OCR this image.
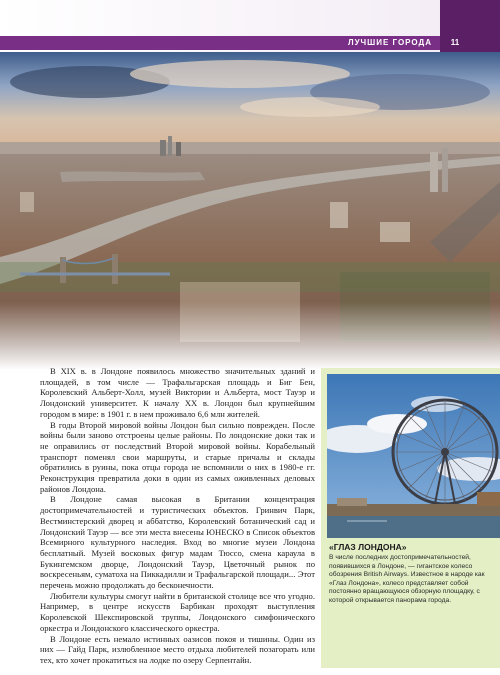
ЛУЧШИЕ ГОРОДА	11

В XIX в. в Лондоне появилось множество значительных зданий и площадей, в том числе — Трафальгарская площадь и Биг Бен, Королевский Альберт-Холл, музей Виктории и Альберта, мост Тауэр и Лондонский университет. К началу XX в. Лондон был крупнейшим городом в мире: в 1901 г. в нем проживало 6,6 млн жителей.

В годы Второй мировой войны Лондон был сильно поврежден. После войны были заново отстроены целые районы. По лондонские доки так и не оправились от последствий Второй мировой войны. Корабельный транспорт поменял свои маршруты, и старые причалы и склады обратились в руины, пока отцы города не вспомнили о них в 1980-е гг. Реконструкция превратила доки в один из самых оживленных деловых районов Лондона.

В Лондоне самая высокая в Британии концентрация достопримечательностей и туристических объектов. Гринвич Парк, Вестминстерский дворец и аббатство, Королевский ботанический сад и Лондонский Тауэр — все эти места внесены ЮНЕСКО в Список объектов Всемирного культурного наследия. Вход во многие музеи Лондона бесплатный. Музей восковых фигур мадам Тюссо, смена караула в Букингемском дворце, Лондонский Тауэр, Цветочный рынок по воскресеньям, суматоха на Пиккадилли и Трафальгарской площади... Этот перечень можно продолжать до бесконечности.

Любители культуры смогут найти в британской столице все что угодно. Например, в центре искусств Барбикан проходят выступления Королевской Шекспировской труппы, Лондонского симфонического оркестра и Лондонского классического оркестра.

В Лондоне есть немало истинных оазисов покоя и тишины. Один из них — Гайд Парк, излюбленное место отдыха любителей позагорать или тех, кто хочет прокатиться на лодке по озеру Серпентайн.

«ГЛАЗ ЛОНДОНА»
В числе последних достопримечательностей, появившихся в Лондоне, — гигантское колесо обозрения British Airways. Известное в народе как «Глаз Лондона», колесо представляет собой постоянно вращающуюся обзорную площадку, с которой открывается панорама города.
